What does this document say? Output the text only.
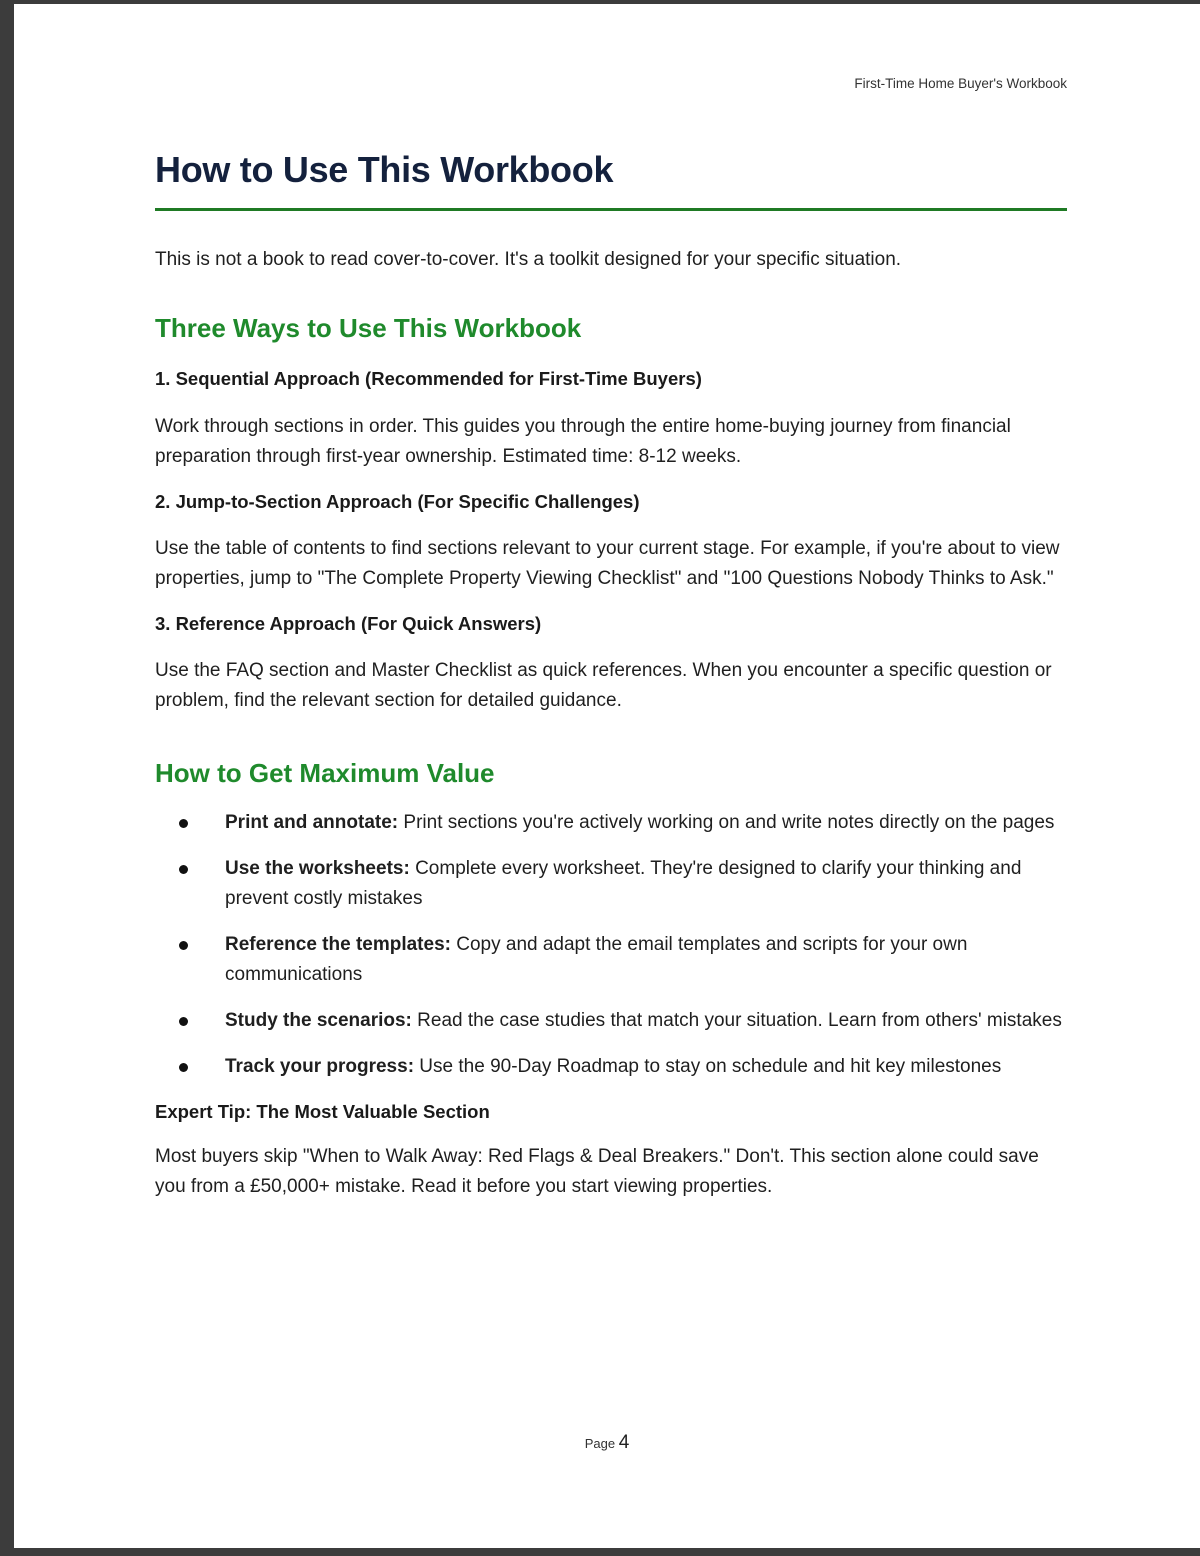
First-Time Home Buyer's Workbook
How to Use This Workbook

This is not a book to read cover-to-cover. It's a toolkit designed for your specific situation.

Three Ways to Use This Workbook
1. Sequential Approach (Recommended for First-Time Buyers)

Work through sections in order. This guides you through the entire home-buying journey from financial preparation through first-year ownership. Estimated time: 8-12 weeks.

2. Jump-to-Section Approach (For Specific Challenges)

Use the table of contents to find sections relevant to your current stage. For example, if you're about to view properties, jump to "The Complete Property Viewing Checklist" and "100 Questions Nobody Thinks to Ask."

3. Reference Approach (For Quick Answers)

Use the FAQ section and Master Checklist as quick references. When you encounter a specific question or problem, find the relevant section for detailed guidance.

How to Get Maximum Value
Print and annotate: Print sections you're actively working on and write notes directly on the pages
Use the worksheets: Complete every worksheet. They're designed to clarify your thinking and prevent costly mistakes
Reference the templates: Copy and adapt the email templates and scripts for your own communications
Study the scenarios: Read the case studies that match your situation. Learn from others' mistakes
Track your progress: Use the 90-Day Roadmap to stay on schedule and hit key milestones
Expert Tip: The Most Valuable Section

Most buyers skip "When to Walk Away: Red Flags & Deal Breakers." Don't. This section alone could save you from a £50,000+ mistake. Read it before you start viewing properties.

Page 4
